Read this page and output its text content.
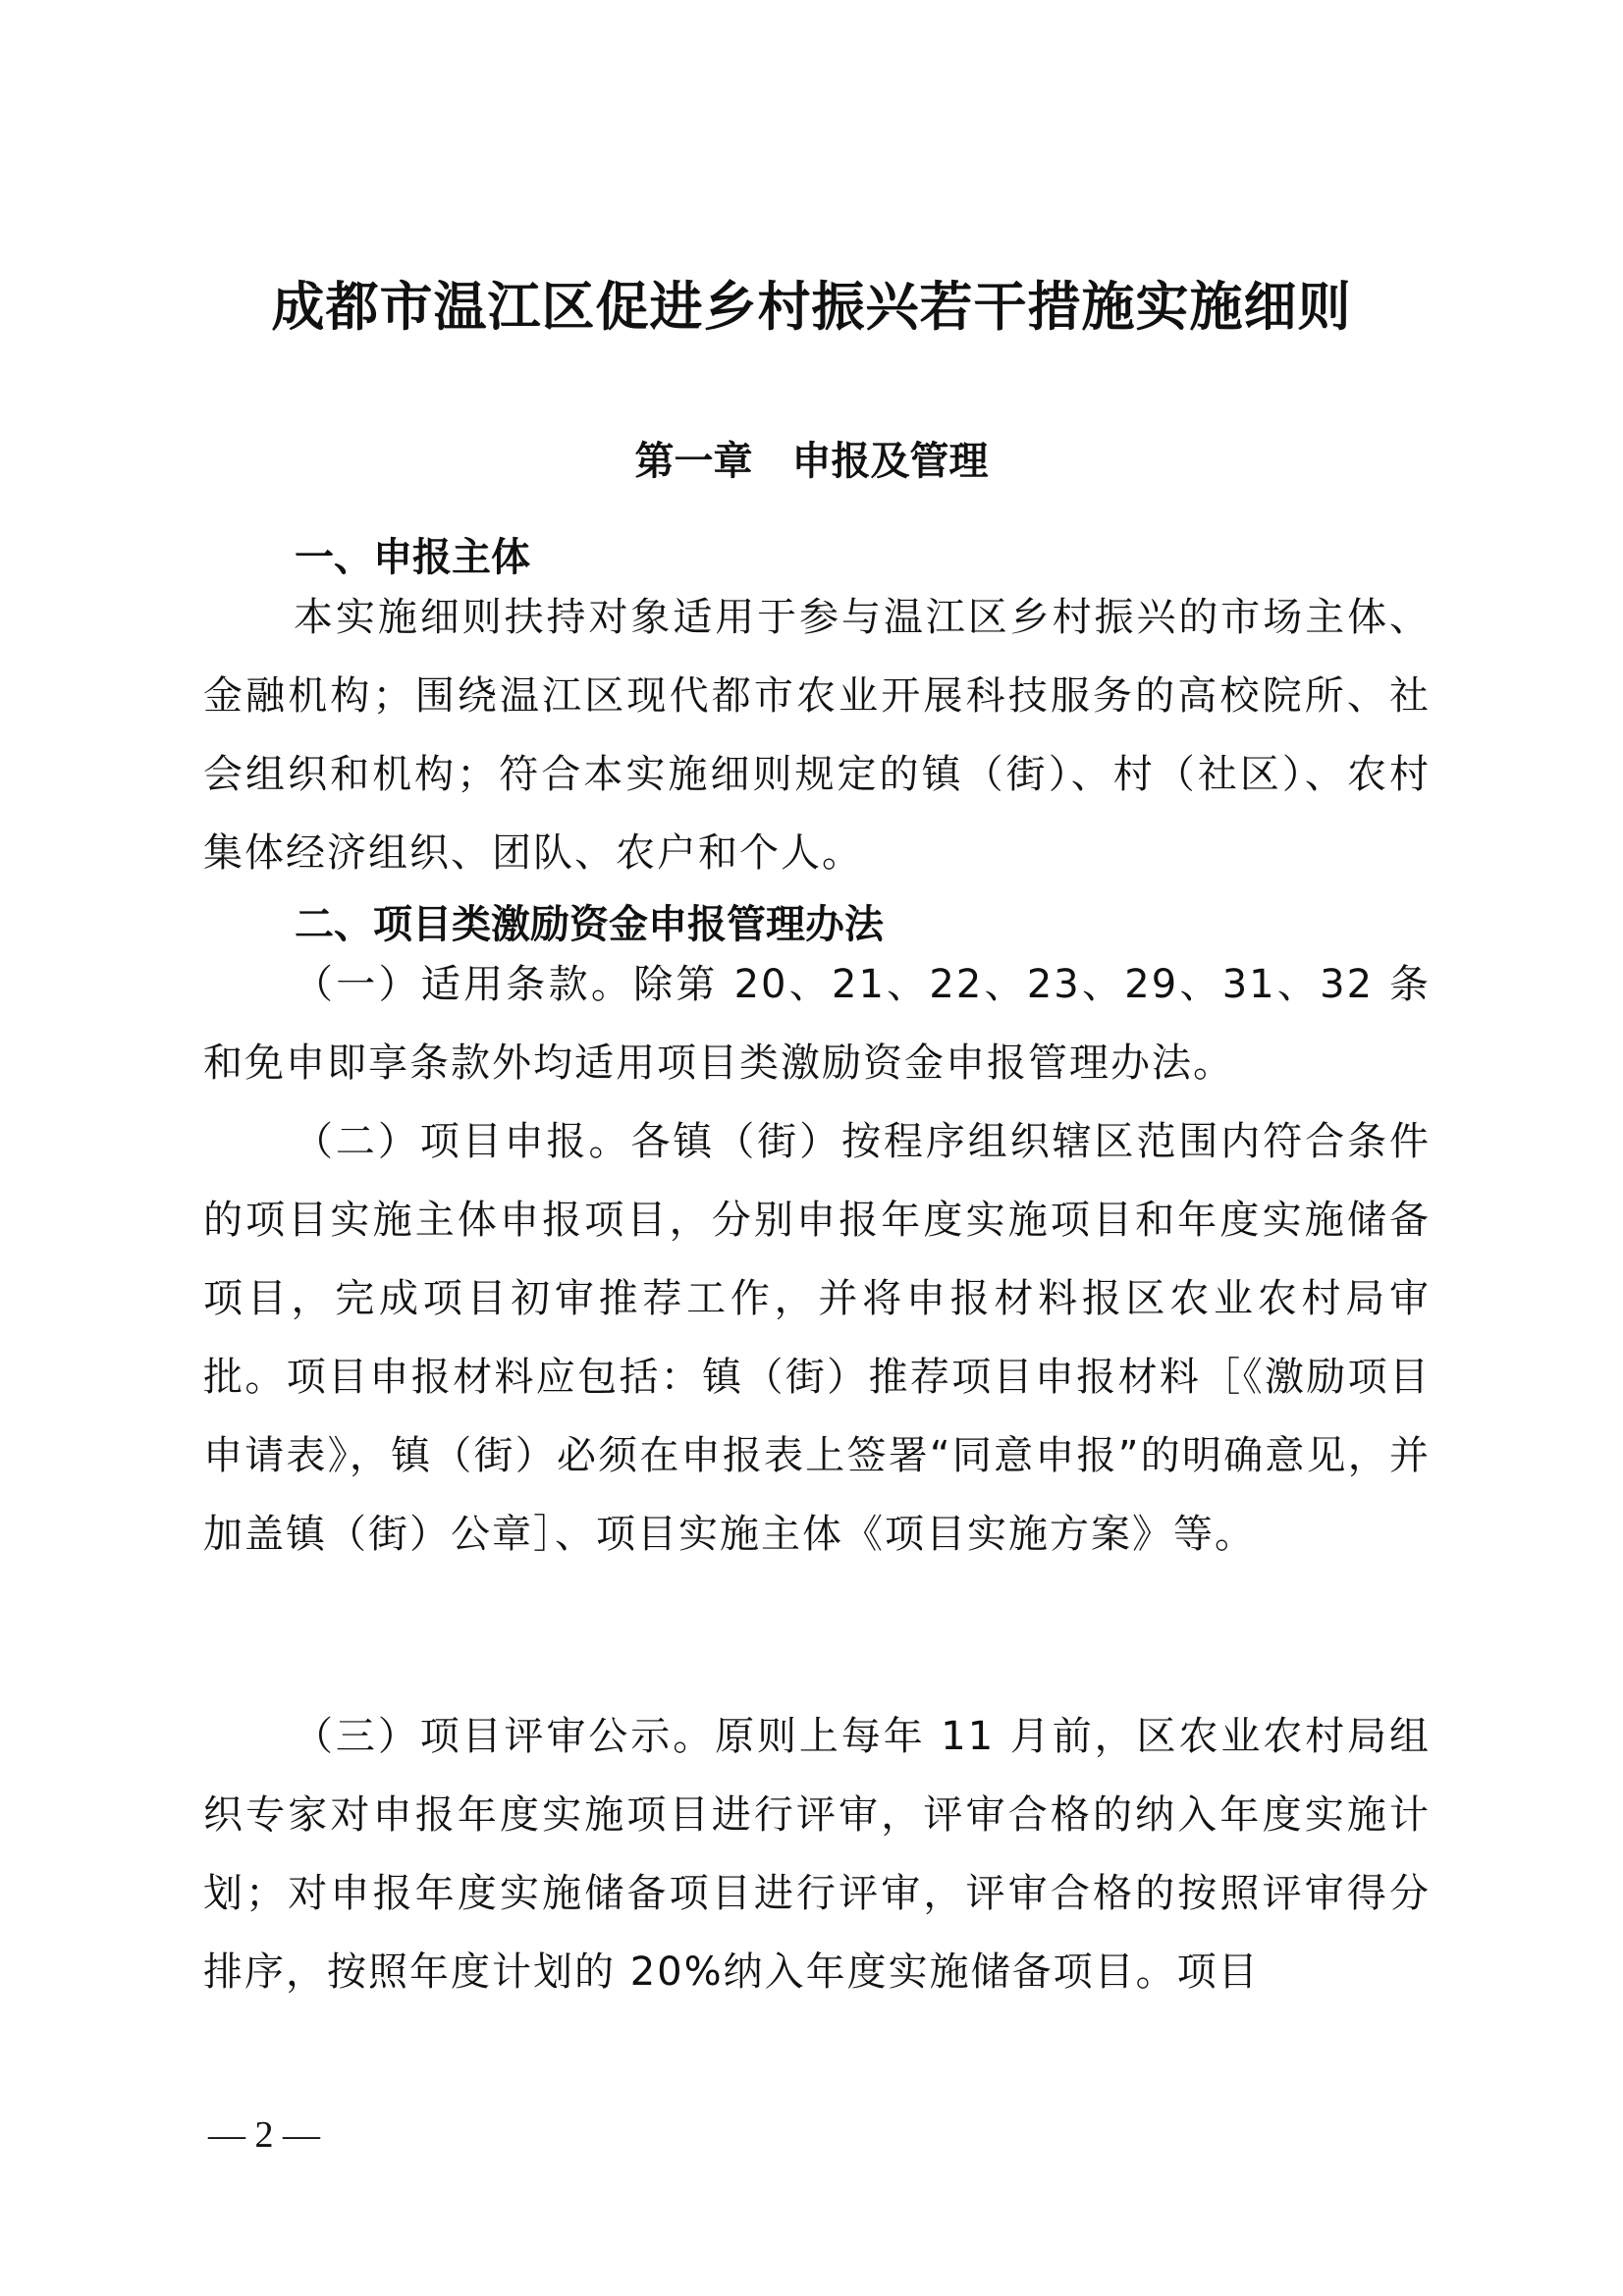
成都市温江区促进乡村振兴若干措施实施细则
第一章　申报及管理
一、申报主体
本实施细则扶持对象适用于参与温江区乡村振兴的市场主体、金融机构；围绕温江区现代都市农业开展科技服务的高校院所、社会组织和机构；符合本实施细则规定的镇（街）、村（社区）、农村集体经济组织、团队、农户和个人。
二、项目类激励资金申报管理办法
（一）适用条款。除第 20、21、22、23、29、31、32 条和免申即享条款外均适用项目类激励资金申报管理办法。
（二）项目申报。各镇（街）按程序组织辖区范围内符合条件的项目实施主体申报项目，分别申报年度实施项目和年度实施储备项目，完成项目初审推荐工作，并将申报材料报区农业农村局审批。项目申报材料应包括：镇（街）推荐项目申报材料［《激励项目申请表》，镇（街）必须在申报表上签署“同意申报”的明确意见，并加盖镇（街）公章］、项目实施主体《项目实施方案》等。
（三）项目评审公示。原则上每年 11 月前，区农业农村局组织专家对申报年度实施项目进行评审，评审合格的纳入年度实施计划；对申报年度实施储备项目进行评审，评审合格的按照评审得分排序，按照年度计划的 20%纳入年度实施储备项目。项目
— 2 —
